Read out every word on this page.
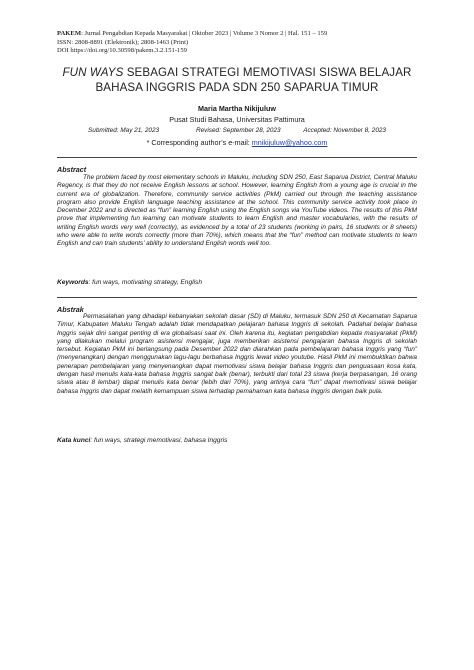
PAKEM: Jurnal Pengabdian Kepada Masyarakat | Oktober 2023 | Volume 3 Nomor 2 | Hal. 151 – 159
ISSN: 2808-8891 (Elektronik); 2808-1463 (Print)
DOI https://doi.org/10.30598/pakem.3.2.151-159
FUN WAYS SEBAGAI STRATEGI MEMOTIVASI SISWA BELAJAR
BAHASA INGGRIS PADA SDN 250 SAPARUA TIMUR
Maria Martha Nikijuluw
Pusat Studi Bahasa, Universitas Pattimura
Submitted: May 21, 2023	Revised: September 28, 2023	Accepted: November 8, 2023
* Corresponding author’s e-mail: mnikijuluw@yahoo.com
Abstract
The problem faced by most elementary schools in Maluku, including SDN 250, East Saparua District, Central Maluku Regency, is that they do not receive English lessons at school. However, learning English from a young age is crucial in the current era of globalization. Therefore, community service activities (PkM) carried out through the teaching assistance program also provide English language teaching assistance at the school. This community service activity took place in December 2022 and is directed as “fun” learning English using the English songs via YouTube videos. The results of this PkM prove that implementing fun learning can motivate students to learn English and master vocabularies, with the results of writing English words very well (correctly), as evidenced by a total of 23 students (working in pairs, 16 students or 8 sheets) who were able to write words correctly (more than 70%), which means that the “fun” method can motivate students to learn English and can train students’ ability to understand English words well too.
Keywords: fun ways, motivating strategy, English
Abstrak
Permasalahan yang dihadapi kebanyakan sekolah dasar (SD) di Maluku, termasuk SDN 250 di Kecamatan Saparua Timur, Kabupaten Maluku Tengah adalah tidak mendapatkan pelajaran bahasa Inggris di sekolah. Padahal belajar bahasa Inggris sejak dini sangat penting di era globalisasi saat ini. Oleh karena itu, kegiatan pengabdian kepada masyarakat (PkM) yang dilakukan melalui program asistensi mengajar, juga memberikan asistensi pengajaran bahasa Inggris di sekolah tersebut. Kegiatan PkM ini berlangsung pada Desember 2022 dan diarahkan pada pembelajaran bahasa Inggris yang “fun” (menyenangkan) dengan menggunakan lagu-lagu berbahasa Inggris lewat video youtube. Hasil PkM ini membuktikan bahwa penerapan pembelajaran yang menyenangkan dapat memotivasi siswa belajar bahasa Inggris dan penguasaan kosa kata, dengan hasil menulis kata-kata bahasa Inggris sangat baik (benar), terbukti dari total 23 siswa (kerja berpasangan, 16 orang siswa atau 8 lembar) dapat menulis kata benar (lebih dari 70%), yang artinya cara “fun” dapat memotivasi siswa belajar bahasa Inggris dan dapat melatih kemampuan siswa terhadap pemahaman kata bahasa Inggris dengan baik pula.
Kata kunci: fun ways, strategi memotivasi, bahasa Inggris
